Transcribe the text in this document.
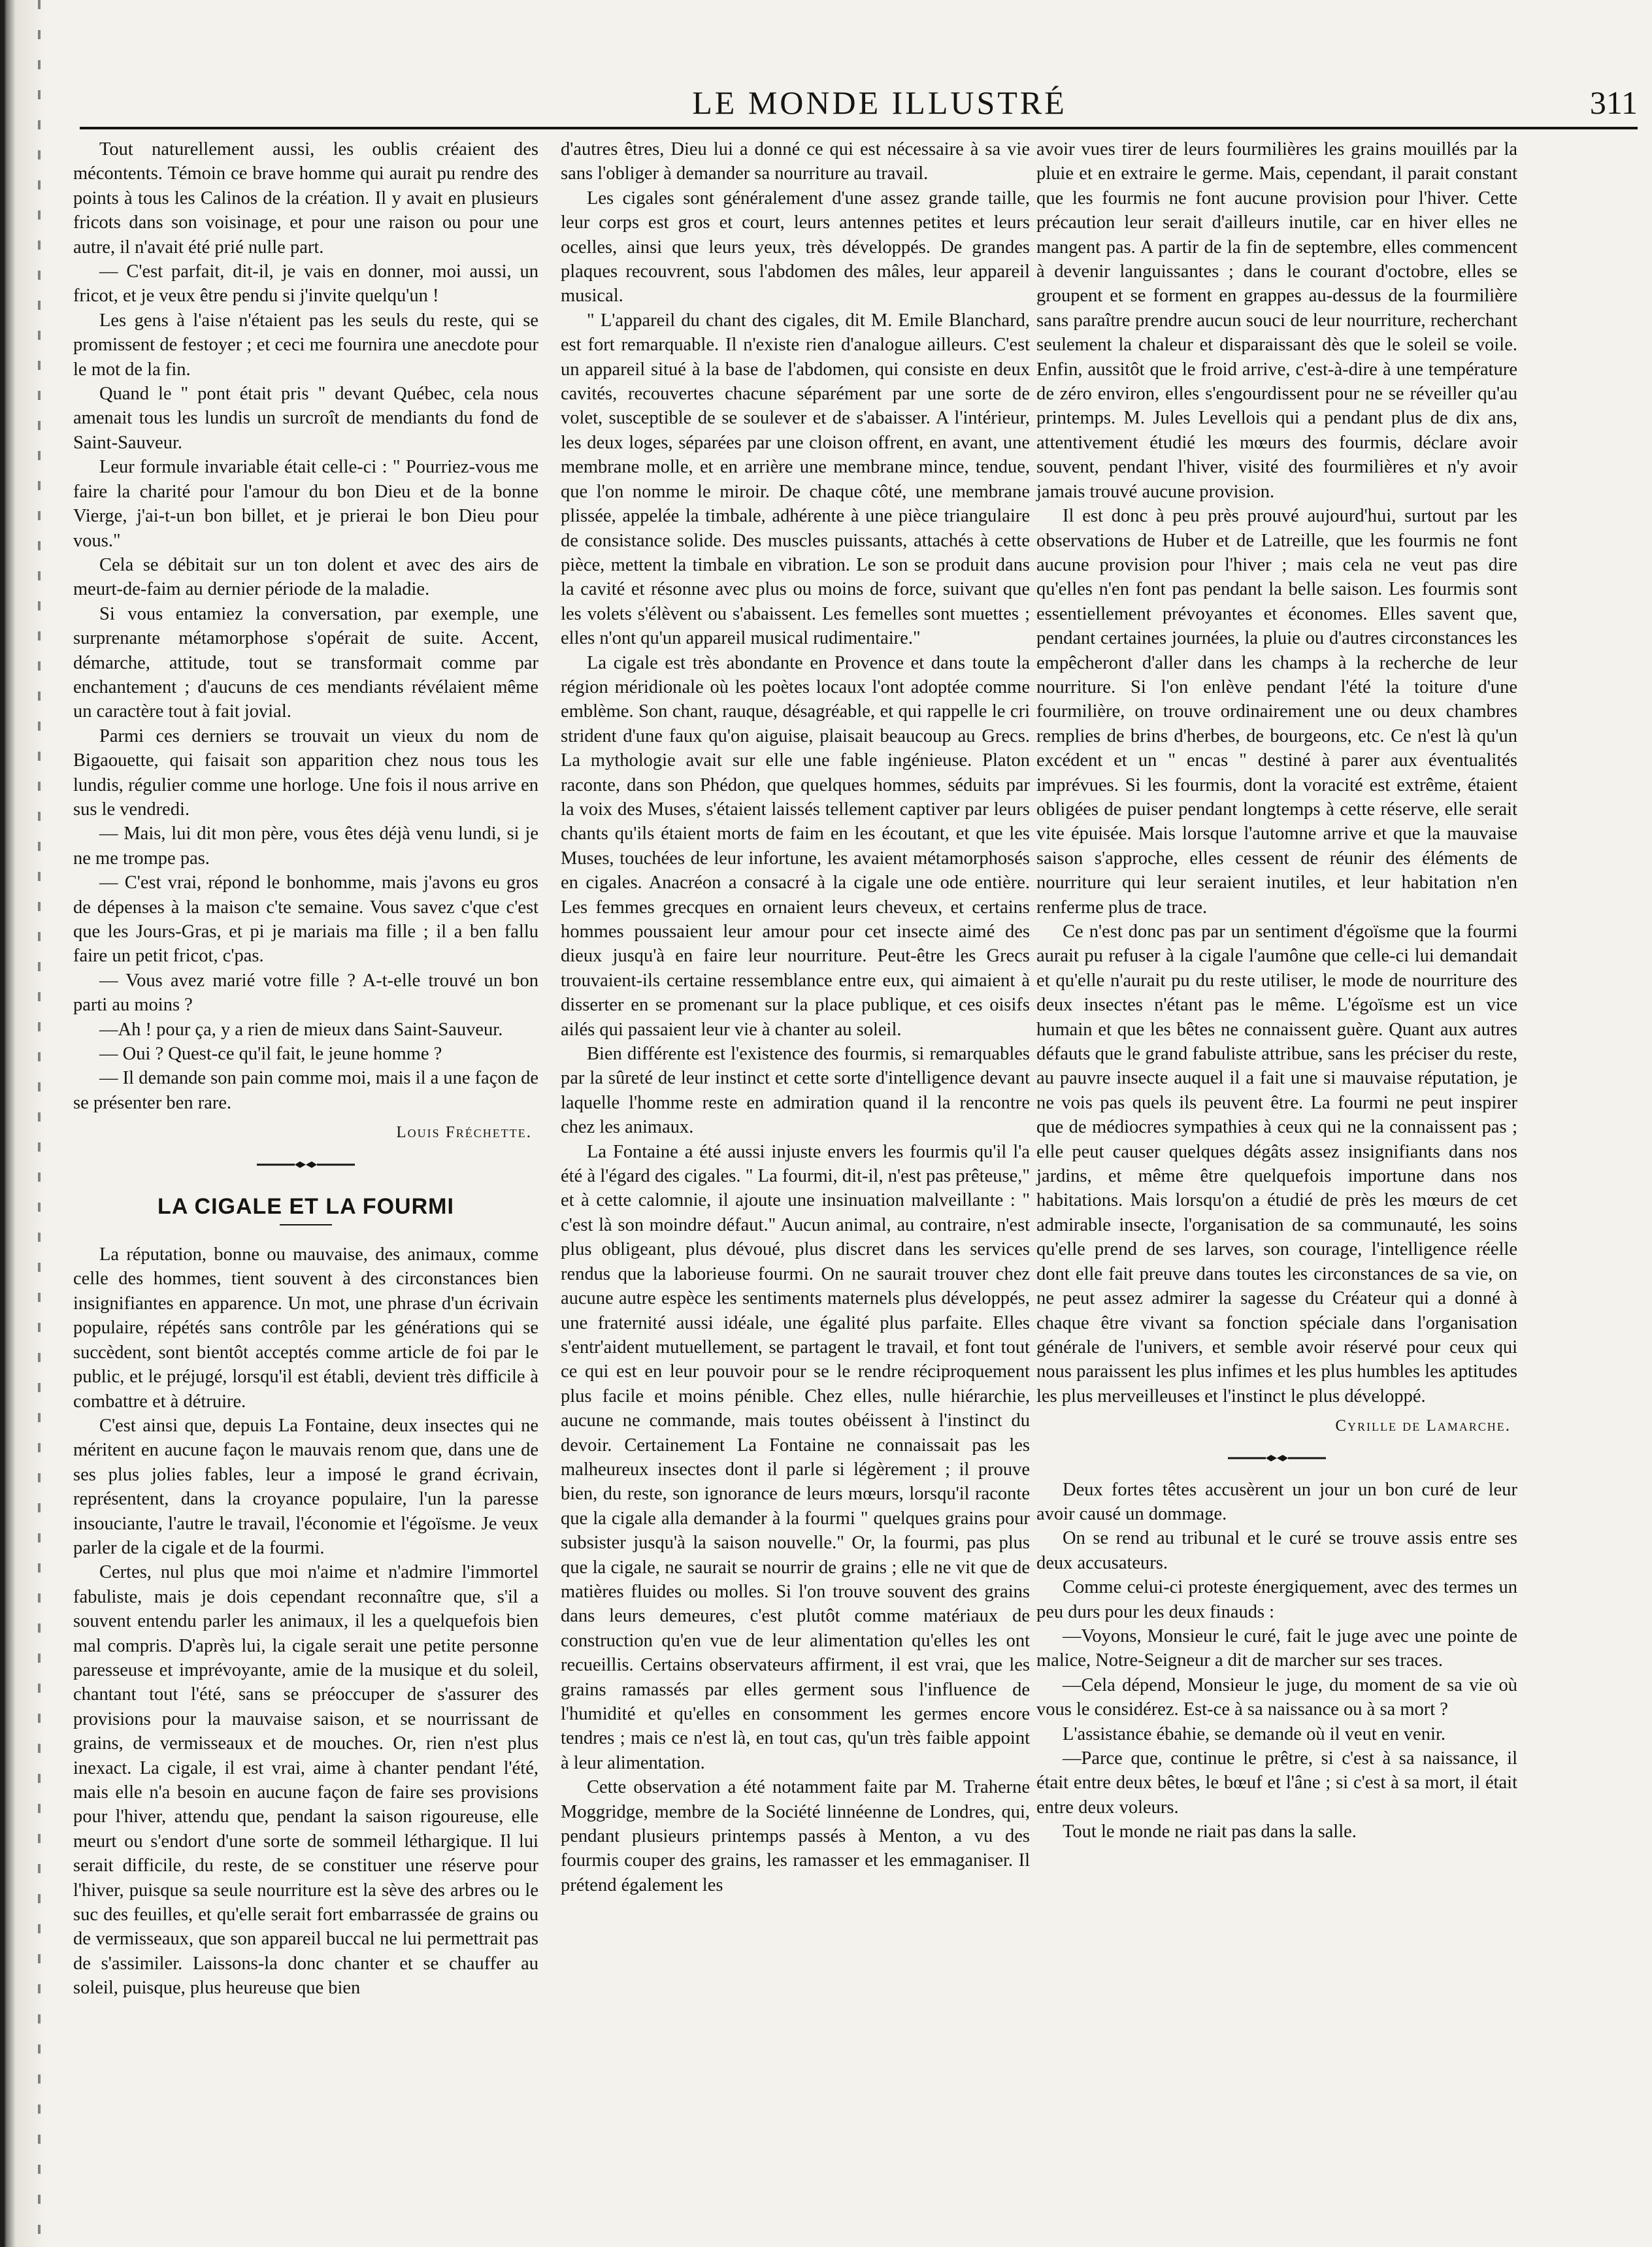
LE MONDE ILLUSTRÉ	311

Tout naturellement aussi, les oublis créaient des mécontents. Témoin ce brave homme qui aurait pu rendre des points à tous les Calinos de la création. Il y avait en plusieurs fricots dans son voisinage, et pour une raison ou pour une autre, il n'avait été prié nulle part.

— C'est parfait, dit-il, je vais en donner, moi aussi, un fricot, et je veux être pendu si j'invite quelqu'un !

Les gens à l'aise n'étaient pas les seuls du reste, qui se promissent de festoyer ; et ceci me fournira une anecdote pour le mot de la fin.

Quand le " pont était pris " devant Québec, cela nous amenait tous les lundis un surcroît de mendiants du fond de Saint-Sauveur.

Leur formule invariable était celle-ci : " Pourriez-vous me faire la charité pour l'amour du bon Dieu et de la bonne Vierge, j'ai-t-un bon billet, et je prierai le bon Dieu pour vous."

Cela se débitait sur un ton dolent et avec des airs de meurt-de-faim au dernier période de la maladie.

Si vous entamiez la conversation, par exemple, une surprenante métamorphose s'opérait de suite. Accent, démarche, attitude, tout se transformait comme par enchantement ; d'aucuns de ces mendiants révélaient même un caractère tout à fait jovial.

Parmi ces derniers se trouvait un vieux du nom de Bigaouette, qui faisait son apparition chez nous tous les lundis, régulier comme une horloge. Une fois il nous arrive en sus le vendredi.

— Mais, lui dit mon père, vous êtes déjà venu lundi, si je ne me trompe pas.

— C'est vrai, répond le bonhomme, mais j'avons eu gros de dépenses à la maison c'te semaine. Vous savez c'que c'est que les Jours-Gras, et pi je mariais ma fille ; il a ben fallu faire un petit fricot, c'pas.

— Vous avez marié votre fille ? A-t-elle trouvé un bon parti au moins ?

—Ah ! pour ça, y a rien de mieux dans Saint-Sauveur.

— Oui ? Quest-ce qu'il fait, le jeune homme ?

— Il demande son pain comme moi, mais il a une façon de se présenter ben rare.

Louis Fréchette.
LA CIGALE ET LA FOURMI

La réputation, bonne ou mauvaise, des animaux, comme celle des hommes, tient souvent à des circonstances bien insignifiantes en apparence. Un mot, une phrase d'un écrivain populaire, répétés sans contrôle par les générations qui se succèdent, sont bientôt acceptés comme article de foi par le public, et le préjugé, lorsqu'il est établi, devient très difficile à combattre et à détruire.

C'est ainsi que, depuis La Fontaine, deux insectes qui ne méritent en aucune façon le mauvais renom que, dans une de ses plus jolies fables, leur a imposé le grand écrivain, représentent, dans la croyance populaire, l'un la paresse insouciante, l'autre le travail, l'économie et l'égoïsme. Je veux parler de la cigale et de la fourmi.

Certes, nul plus que moi n'aime et n'admire l'immortel fabuliste, mais je dois cependant reconnaître que, s'il a souvent entendu parler les animaux, il les a quelquefois bien mal compris. D'après lui, la cigale serait une petite personne paresseuse et imprévoyante, amie de la musique et du soleil, chantant tout l'été, sans se préoccuper de s'assurer des provisions pour la mauvaise saison, et se nourrissant de grains, de vermisseaux et de mouches. Or, rien n'est plus inexact. La cigale, il est vrai, aime à chanter pendant l'été, mais elle n'a besoin en aucune façon de faire ses provisions pour l'hiver, attendu que, pendant la saison rigoureuse, elle meurt ou s'endort d'une sorte de sommeil léthargique. Il lui serait difficile, du reste, de se constituer une réserve pour l'hiver, puisque sa seule nourriture est la sève des arbres ou le suc des feuilles, et qu'elle serait fort embarrassée de grains ou de vermisseaux, que son appareil buccal ne lui permettrait pas de s'assimiler. Laissons-la donc chanter et se chauffer au soleil, puisque, plus heureuse que bien

d'autres êtres, Dieu lui a donné ce qui est nécessaire à sa vie sans l'obliger à demander sa nourriture au travail.

Les cigales sont généralement d'une assez grande taille, leur corps est gros et court, leurs antennes petites et leurs ocelles, ainsi que leurs yeux, très développés. De grandes plaques recouvrent, sous l'abdomen des mâles, leur appareil musical.

" L'appareil du chant des cigales, dit M. Emile Blanchard, est fort remarquable. Il n'existe rien d'analogue ailleurs. C'est un appareil situé à la base de l'abdomen, qui consiste en deux cavités, recouvertes chacune séparément par une sorte de volet, susceptible de se soulever et de s'abaisser. A l'intérieur, les deux loges, séparées par une cloison offrent, en avant, une membrane molle, et en arrière une membrane mince, tendue, que l'on nomme le miroir. De chaque côté, une membrane plissée, appelée la timbale, adhérente à une pièce triangulaire de consistance solide. Des muscles puissants, attachés à cette pièce, mettent la timbale en vibration. Le son se produit dans la cavité et résonne avec plus ou moins de force, suivant que les volets s'élèvent ou s'abaissent. Les femelles sont muettes ; elles n'ont qu'un appareil musical rudimentaire."

La cigale est très abondante en Provence et dans toute la région méridionale où les poètes locaux l'ont adoptée comme emblème. Son chant, rauque, désagréable, et qui rappelle le cri strident d'une faux qu'on aiguise, plaisait beaucoup au Grecs. La mythologie avait sur elle une fable ingénieuse. Platon raconte, dans son Phédon, que quelques hommes, séduits par la voix des Muses, s'étaient laissés tellement captiver par leurs chants qu'ils étaient morts de faim en les écoutant, et que les Muses, touchées de leur infortune, les avaient métamorphosés en cigales. Anacréon a consacré à la cigale une ode entière. Les femmes grecques en ornaient leurs cheveux, et certains hommes poussaient leur amour pour cet insecte aimé des dieux jusqu'à en faire leur nourriture. Peut-être les Grecs trouvaient-ils certaine ressemblance entre eux, qui aimaient à disserter en se promenant sur la place publique, et ces oisifs ailés qui passaient leur vie à chanter au soleil.

Bien différente est l'existence des fourmis, si remarquables par la sûreté de leur instinct et cette sorte d'intelligence devant laquelle l'homme reste en admiration quand il la rencontre chez les animaux.

La Fontaine a été aussi injuste envers les fourmis qu'il l'a été à l'égard des cigales. " La fourmi, dit-il, n'est pas prêteuse," et à cette calomnie, il ajoute une insinuation malveillante : " c'est là son moindre défaut." Aucun animal, au contraire, n'est plus obligeant, plus dévoué, plus discret dans les services rendus que la laborieuse fourmi. On ne saurait trouver chez aucune autre espèce les sentiments maternels plus développés, une fraternité aussi idéale, une égalité plus parfaite. Elles s'entr'aident mutuellement, se partagent le travail, et font tout ce qui est en leur pouvoir pour se le rendre réciproquement plus facile et moins pénible. Chez elles, nulle hiérarchie, aucune ne commande, mais toutes obéissent à l'instinct du devoir. Certainement La Fontaine ne connaissait pas les malheureux insectes dont il parle si légèrement ; il prouve bien, du reste, son ignorance de leurs mœurs, lorsqu'il raconte que la cigale alla demander à la fourmi " quelques grains pour subsister jusqu'à la saison nouvelle." Or, la fourmi, pas plus que la cigale, ne saurait se nourrir de grains ; elle ne vit que de matières fluides ou molles. Si l'on trouve souvent des grains dans leurs demeures, c'est plutôt comme matériaux de construction qu'en vue de leur alimentation qu'elles les ont recueillis. Certains observateurs affirment, il est vrai, que les grains ramassés par elles germent sous l'influence de l'humidité et qu'elles en consomment les germes encore tendres ; mais ce n'est là, en tout cas, qu'un très faible appoint à leur alimentation.

Cette observation a été notamment faite par M. Traherne Moggridge, membre de la Société linnéenne de Londres, qui, pendant plusieurs printemps passés à Menton, a vu des fourmis couper des grains, les ramasser et les emmaganiser. Il prétend également les

avoir vues tirer de leurs fourmilières les grains mouillés par la pluie et en extraire le germe. Mais, cependant, il parait constant que les fourmis ne font aucune provision pour l'hiver. Cette précaution leur serait d'ailleurs inutile, car en hiver elles ne mangent pas. A partir de la fin de septembre, elles commencent à devenir languissantes ; dans le courant d'octobre, elles se groupent et se forment en grappes au-dessus de la fourmilière sans paraître prendre aucun souci de leur nourriture, recherchant seulement la chaleur et disparaissant dès que le soleil se voile. Enfin, aussitôt que le froid arrive, c'est-à-dire à une température de zéro environ, elles s'engourdissent pour ne se réveiller qu'au printemps. M. Jules Levellois qui a pendant plus de dix ans, attentivement étudié les mœurs des fourmis, déclare avoir souvent, pendant l'hiver, visité des fourmilières et n'y avoir jamais trouvé aucune provision.

Il est donc à peu près prouvé aujourd'hui, surtout par les observations de Huber et de Latreille, que les fourmis ne font aucune provision pour l'hiver ; mais cela ne veut pas dire qu'elles n'en font pas pendant la belle saison. Les fourmis sont essentiellement prévoyantes et économes. Elles savent que, pendant certaines journées, la pluie ou d'autres circonstances les empêcheront d'aller dans les champs à la recherche de leur nourriture. Si l'on enlève pendant l'été la toiture d'une fourmilière, on trouve ordinairement une ou deux chambres remplies de brins d'herbes, de bourgeons, etc. Ce n'est là qu'un excédent et un " encas " destiné à parer aux éventualités imprévues. Si les fourmis, dont la voracité est extrême, étaient obligées de puiser pendant longtemps à cette réserve, elle serait vite épuisée. Mais lorsque l'automne arrive et que la mauvaise saison s'approche, elles cessent de réunir des éléments de nourriture qui leur seraient inutiles, et leur habitation n'en renferme plus de trace.

Ce n'est donc pas par un sentiment d'égoïsme que la fourmi aurait pu refuser à la cigale l'aumône que celle-ci lui demandait et qu'elle n'aurait pu du reste utiliser, le mode de nourriture des deux insectes n'étant pas le même. L'égoïsme est un vice humain et que les bêtes ne connaissent guère. Quant aux autres défauts que le grand fabuliste attribue, sans les préciser du reste, au pauvre insecte auquel il a fait une si mauvaise réputation, je ne vois pas quels ils peuvent être. La fourmi ne peut inspirer que de médiocres sympathies à ceux qui ne la connaissent pas ; elle peut causer quelques dégâts assez insignifiants dans nos jardins, et même être quelquefois importune dans nos habitations. Mais lorsqu'on a étudié de près les mœurs de cet admirable insecte, l'organisation de sa communauté, les soins qu'elle prend de ses larves, son courage, l'intelligence réelle dont elle fait preuve dans toutes les circonstances de sa vie, on ne peut assez admirer la sagesse du Créateur qui a donné à chaque être vivant sa fonction spéciale dans l'organisation générale de l'univers, et semble avoir réservé pour ceux qui nous paraissent les plus infimes et les plus humbles les aptitudes les plus merveilleuses et l'instinct le plus développé.

Cyrille de Lamarche.

Deux fortes têtes accusèrent un jour un bon curé de leur avoir causé un dommage.

On se rend au tribunal et le curé se trouve assis entre ses deux accusateurs.

Comme celui-ci proteste énergiquement, avec des termes un peu durs pour les deux finauds :

—Voyons, Monsieur le curé, fait le juge avec une pointe de malice, Notre-Seigneur a dit de marcher sur ses traces.

—Cela dépend, Monsieur le juge, du moment de sa vie où vous le considérez. Est-ce à sa naissance ou à sa mort ?

L'assistance ébahie, se demande où il veut en venir.

—Parce que, continue le prêtre, si c'est à sa naissance, il était entre deux bêtes, le bœuf et l'âne ; si c'est à sa mort, il était entre deux voleurs.

Tout le monde ne riait pas dans la salle.
